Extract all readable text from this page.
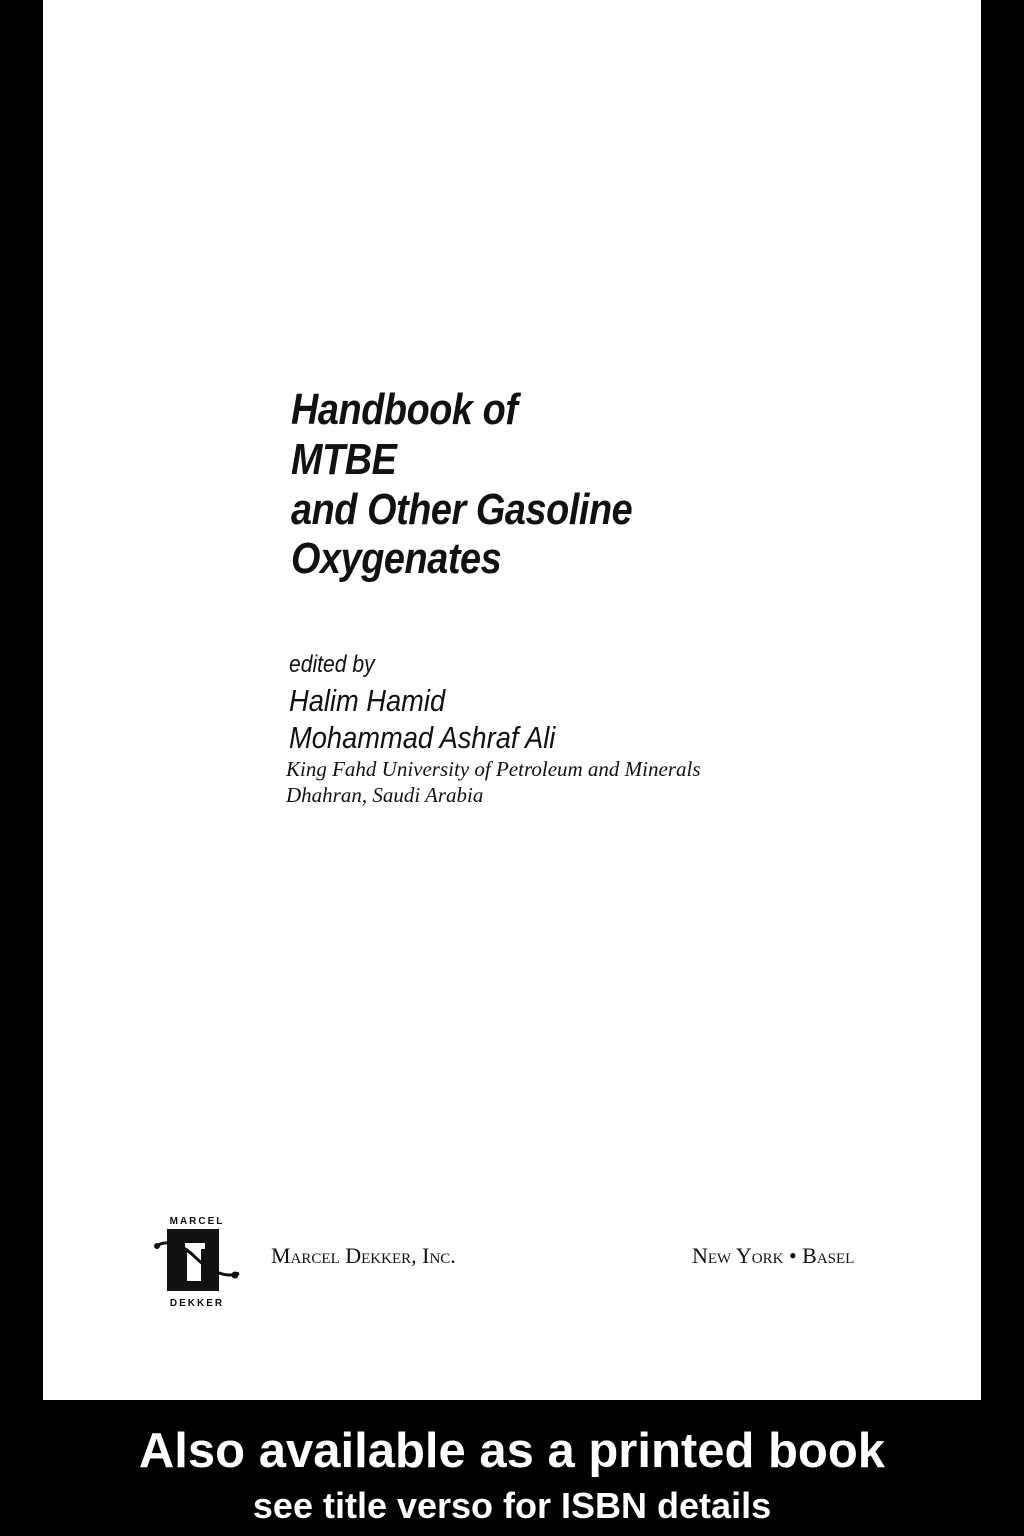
Handbook of
MTBE
and Other Gasoline
Oxygenates
edited by
Halim Hamid
Mohammad Ashraf Ali
King Fahd University of Petroleum and Minerals
Dhahran, Saudi Arabia
MARCEL
DEKKER
Marcel Dekker, Inc.	New York • Basel
Also available as a printed book
see title verso for ISBN details
